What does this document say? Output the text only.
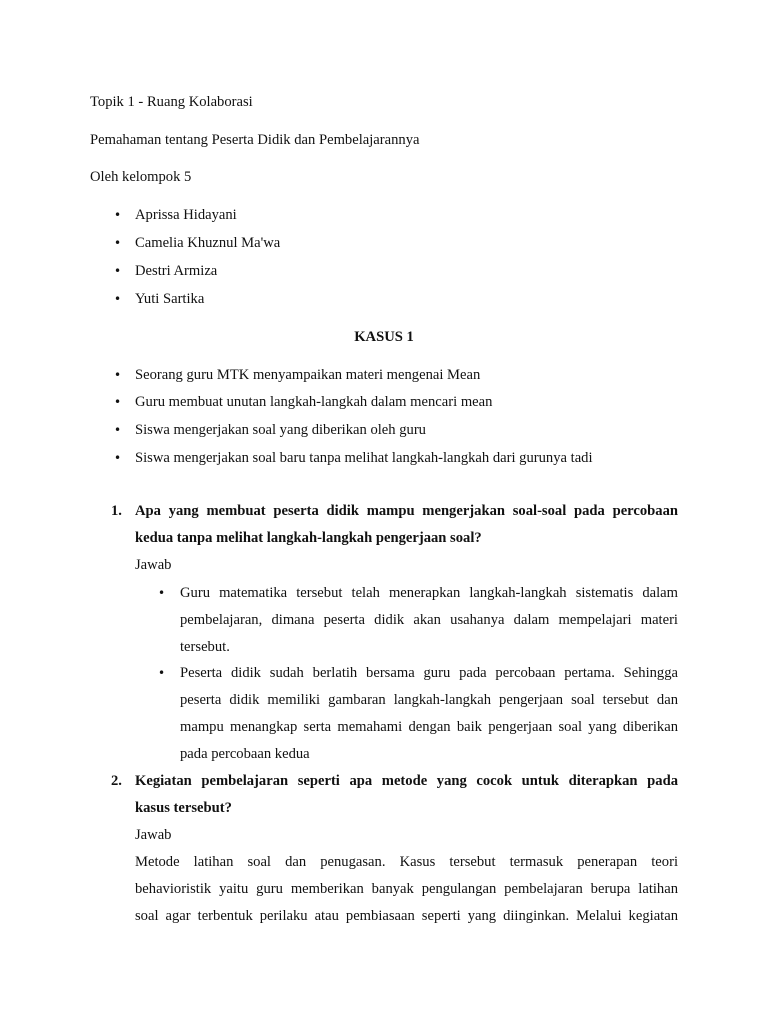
Topik 1 - Ruang Kolaborasi
Pemahaman tentang Peserta Didik dan Pembelajarannya
Oleh kelompok 5
• Aprissa Hidayani
• Camelia Khuznul Ma'wa
• Destri Armiza
• Yuti Sartika
KASUS 1
• Seorang guru MTK menyampaikan materi mengenai Mean
• Guru membuat unutan langkah-langkah dalam mencari mean
• Siswa mengerjakan soal yang diberikan oleh guru
• Siswa mengerjakan soal baru tanpa melihat langkah-langkah dari gurunya tadi
1. Apa yang membuat peserta didik mampu mengerjakan soal-soal pada percobaan
kedua tanpa melihat langkah-langkah pengerjaan soal?
Jawab
• Guru matematika tersebut telah menerapkan langkah-langkah sistematis dalam
pembelajaran, dimana peserta didik akan usahanya dalam mempelajari materi
tersebut.
• Peserta didik sudah berlatih bersama guru pada percobaan pertama. Sehingga
peserta didik memiliki gambaran langkah-langkah pengerjaan soal tersebut dan
mampu menangkap serta memahami dengan baik pengerjaan soal yang diberikan
pada percobaan kedua
2. Kegiatan pembelajaran seperti apa metode yang cocok untuk diterapkan pada
kasus tersebut?
Jawab
Metode latihan soal dan penugasan. Kasus tersebut termasuk penerapan teori
behavioristik yaitu guru memberikan banyak pengulangan pembelajaran berupa latihan
soal agar terbentuk perilaku atau pembiasaan seperti yang diinginkan. Melalui kegiatan
